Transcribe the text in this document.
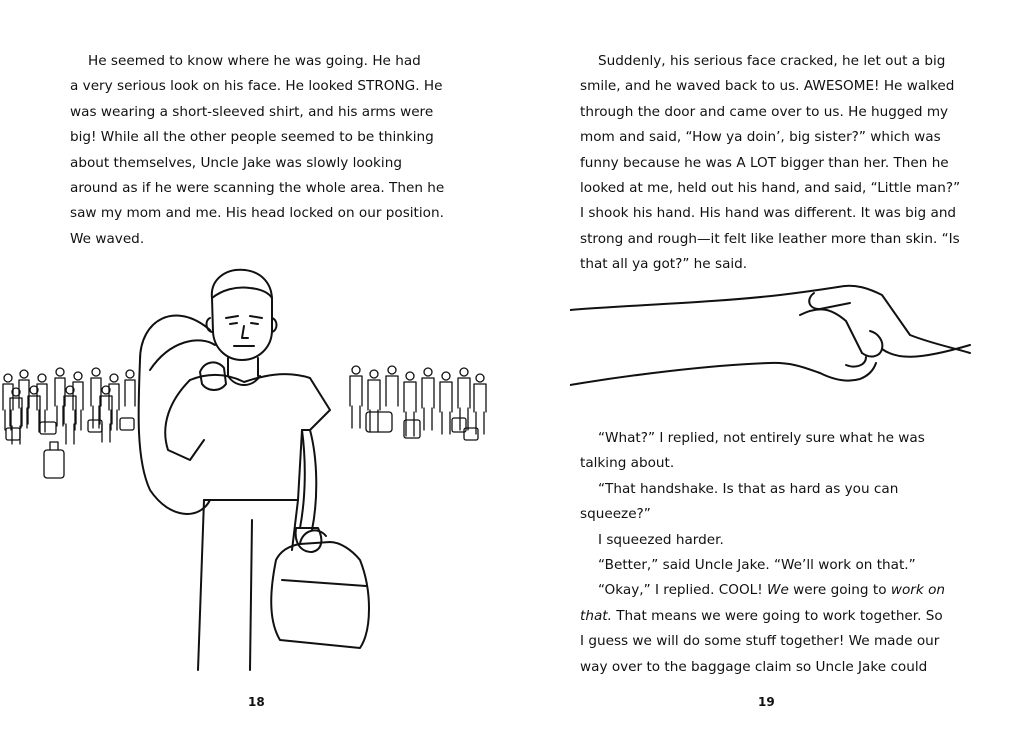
He seemed to know where he was going. He had
a very serious look on his face. He looked STRONG. He
was wearing a short-sleeved shirt, and his arms were
big! While all the other people seemed to be thinking
about themselves, Uncle Jake was slowly looking
around as if he were scanning the whole area. Then he
saw my mom and me. His head locked on our position.
We waved.
18
Suddenly, his serious face cracked, he let out a big
smile, and he waved back to us. AWESOME! He walked
through the door and came over to us. He hugged my
mom and said, “How ya doin’, big sister?” which was
funny because he was A LOT bigger than her. Then he
looked at me, held out his hand, and said, “Little man?”
I shook his hand. His hand was different. It was big and
strong and rough—it felt like leather more than skin. “Is
that all ya got?” he said.
“What?” I replied, not entirely sure what he was
talking about.
“That handshake. Is that as hard as you can
squeeze?”
I squeezed harder.
“Better,” said Uncle Jake. “We’ll work on that.”
“Okay,” I replied. COOL! We were going to work on
that. That means we were going to work together. So
I guess we will do some stuff together! We made our
way over to the baggage claim so Uncle Jake could
19
